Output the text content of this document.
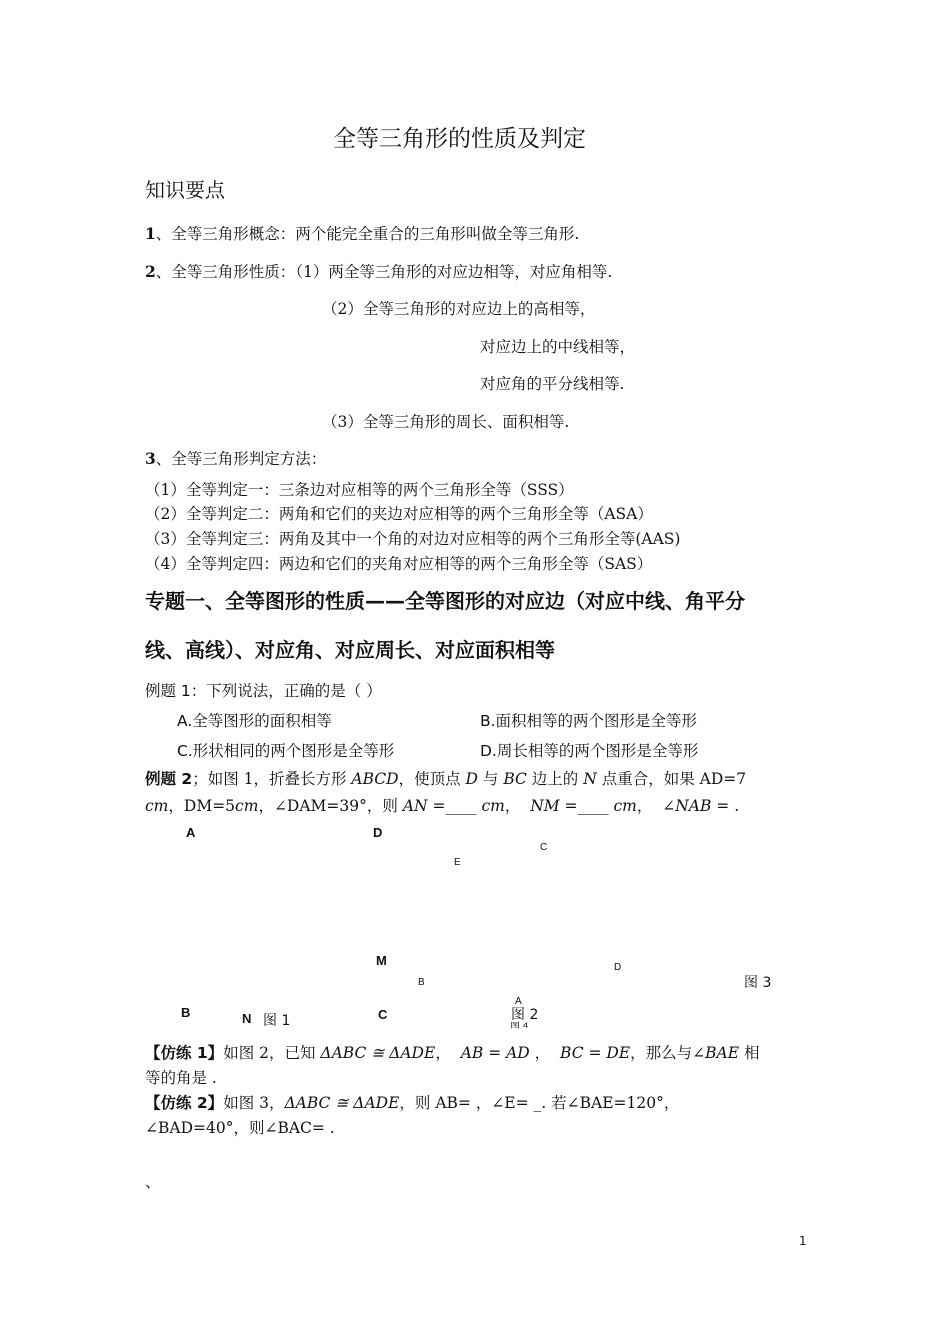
全等三角形的性质及判定
知识要点
1、全等三角形概念：两个能完全重合的三角形叫做全等三角形.
2、全等三角形性质：（1）两全等三角形的对应边相等，对应角相等.
（2）全等三角形的对应边上的高相等，
对应边上的中线相等，
对应角的平分线相等.
（3）全等三角形的周长、面积相等.
3、全等三角形判定方法：
（1）全等判定一：三条边对应相等的两个三角形全等（SSS）
（2）全等判定二：两角和它们的夹边对应相等的两个三角形全等（ASA）
（3）全等判定三：两角及其中一个角的对边对应相等的两个三角形全等(AAS)
（4）全等判定四：两边和它们的夹角对应相等的两个三角形全等（SAS）
专题一、全等图形的性质——全等图形的对应边（对应中线、角平分
线、高线）、对应角、对应周长、对应面积相等
例题 1：下列说法，正确的是（ ）
A.全等图形的面积相等	B.面积相等的两个图形是全等形
C.形状相同的两个图形是全等形	D.周长相等的两个图形是全等形
例题 2；如图 1，折叠长方形 ABCD，使顶点 D 与 BC 边上的 N 点重合，如果 AD=7
cm，DM=5cm，∠DAM=39°，则 AN =____ cm，  NM =____ cm，  ∠NAB = .
A	D
E
C
M
B
D
图 3
B	N 图 1	C
A
图 2
图 4
【仿练 1】如图 2，已知 ΔABC ≅ ΔADE， AB = AD ，  BC = DE，那么与∠BAE 相
等的角是 .
【仿练 2】如图 3，ΔABC ≅ ΔADE，则 AB= ，∠E= _. 若∠BAE=120°，
∠BAD=40°，则∠BAC= .
、
1
